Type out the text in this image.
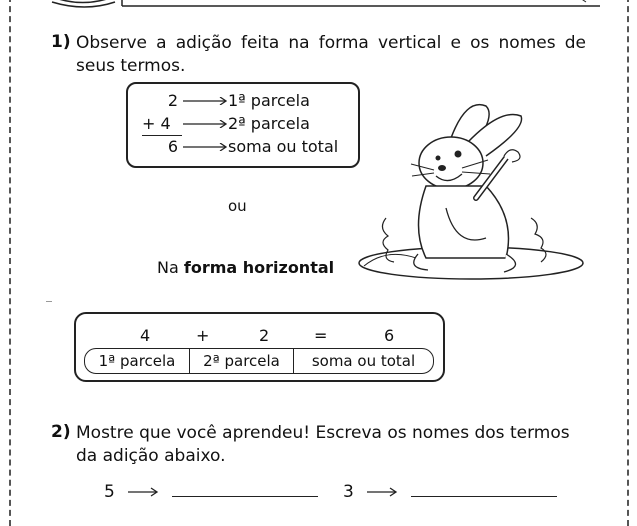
1) Observe a adição feita na forma vertical e os nomes de seus termos.
2	1ª parcela
+ 4	2ª parcela
6	soma ou total
ou
Na forma horizontal
4	+	2	=	6
1ª parcela	2ª parcela	soma ou total
2) Mostre que você aprendeu! Escreva os nomes dos termos da adição abaixo.
5	3
